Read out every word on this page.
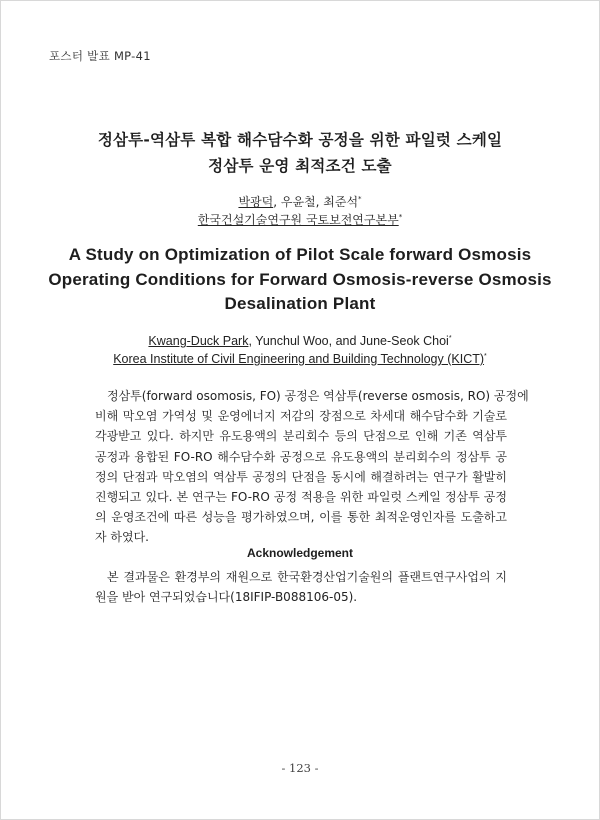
포스터 발표 MP-41
정삼투-역삼투 복합 해수담수화 공정을 위한 파일럿 스케일
정삼투 운영 최적조건 도출
박광덕, 우윤철, 최준석*
한국건설기술연구원 국토보전연구본부*
A Study on Optimization of Pilot Scale forward Osmosis
Operating Conditions for Forward Osmosis-reverse Osmosis
Desalination Plant
Kwang-Duck Park, Yunchul Woo, and June-Seok Choi*
Korea Institute of Civil Engineering and Building Technology (KICT)*
정삼투(forward osomosis, FO) 공정은 역삼투(reverse osmosis, RO) 공정에
비해 막오염 가역성 및 운영에너지 저감의 장점으로 차세대 해수담수화 기술로
각광받고 있다. 하지만 유도용액의 분리회수 등의 단점으로 인해 기존 역삼투
공정과 융합된 FO-RO 해수담수화 공정으로 유도용액의 분리회수의 정삼투 공
정의 단점과 막오염의 역삼투 공정의 단점을 동시에 해결하려는 연구가 활발히
진행되고 있다. 본 연구는 FO-RO 공정 적용을 위한 파일럿 스케일 정삼투 공정
의 운영조건에 따른 성능을 평가하였으며, 이를 통한 최적운영인자를 도출하고
자 하였다.
Acknowledgement
본 결과물은 환경부의 재원으로 한국환경산업기술원의 플랜트연구사업의 지
원을 받아 연구되었습니다(18IFIP-B088106-05).
- 123 -
